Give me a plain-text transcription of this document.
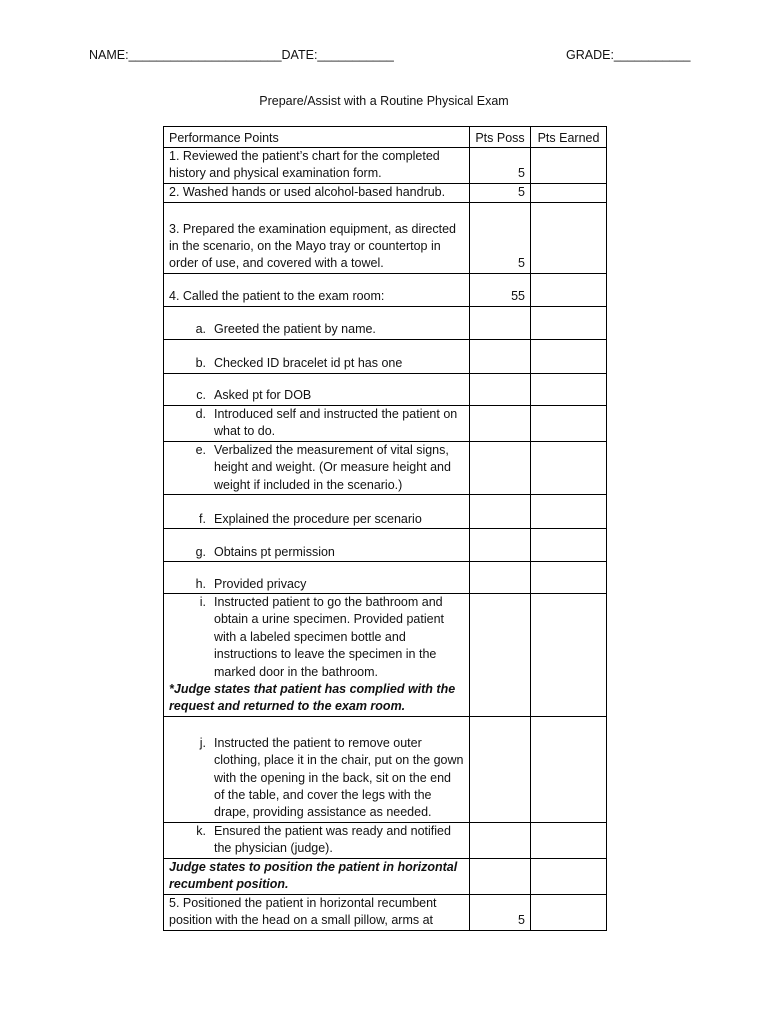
NAME:______________________DATE:___________	GRADE:___________
Prepare/Assist with a Routine Physical Exam
Performance Points	Pts Poss	Pts Earned
1. Reviewed the patient’s chart for the completed history and physical examination form.	5	
2. Washed hands or used alcohol-based handrub.	5	
3. Prepared the examination equipment, as directed in the scenario, on the Mayo tray or countertop in order of use, and covered with a towel.	5	
4. Called the patient to the exam room:	55	

a. Greeted the patient by name.		

b. Checked ID bracelet id pt has one		

c. Asked pt for DOB		

d. Introduced self and instructed the patient on what to do.		

e. Verbalized the measurement of vital signs, height and weight. (Or measure height and weight if included in the scenario.)		

f. Explained the procedure per scenario		

g. Obtains pt permission		

h. Provided privacy		

i. Instructed patient to go the bathroom and obtain a urine specimen. Provided patient with a labeled specimen bottle and instructions to leave the specimen in the marked door in the bathroom.
*Judge states that patient has complied with the request and returned to the exam room.		

j. Instructed the patient to remove outer clothing, place it in the chair, put on the gown with the opening in the back, sit on the end of the table, and cover the legs with the drape, providing assistance as needed.		

k. Ensured the patient was ready and notified the physician (judge).		

Judge states to position the patient in horizontal recumbent position.		
5. Positioned the patient in horizontal recumbent position with the head on a small pillow, arms at	5	
